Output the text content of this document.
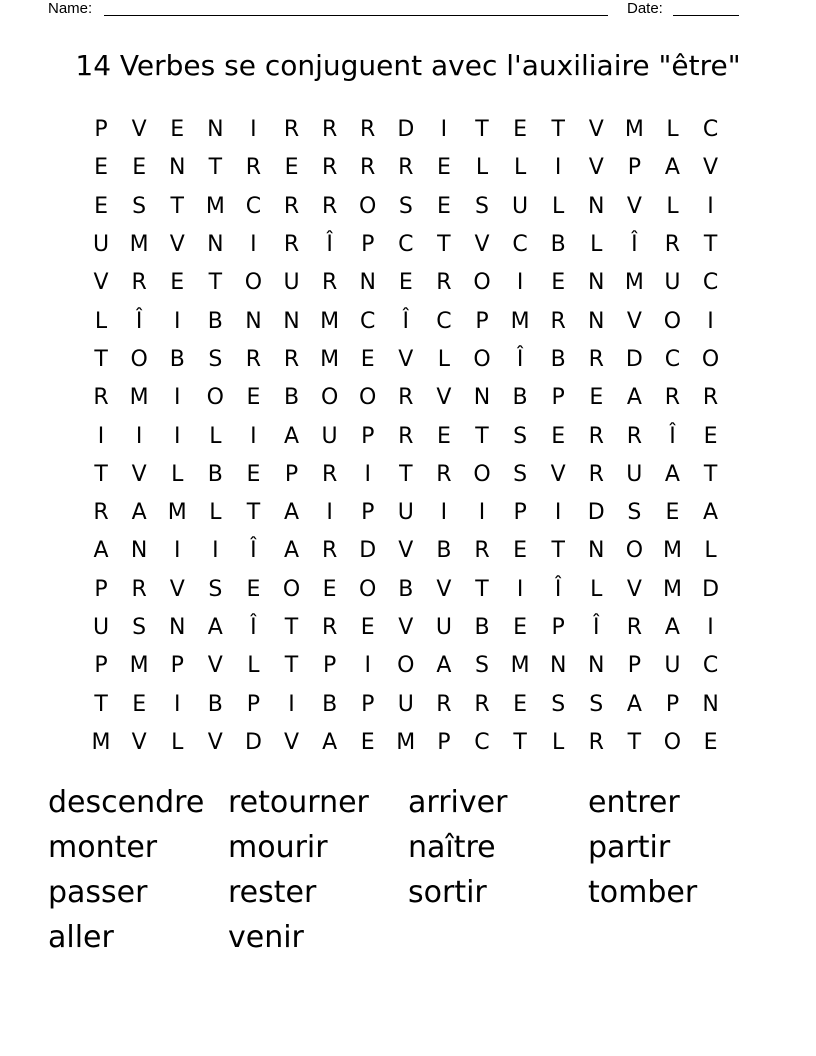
Name:	Date:
14 Verbes se conjuguent avec l'auxiliaire "être"
P	V	E	N	I	R	R	R D	I	T	E	T	V M	L	C
E	E	N	T	R	E	R	R	R	E	L	L	I	V	P	A	V
E	S	T M C	R	R O	S	E	S	U	L	N	V	L	I
U M V	N	I	R	Î	P	C	T	V	C	B	L	Î	R	T
V	R	E	T	O U	R	N	E	R O	I	E	N M U	C
L	Î	I	B	N N M C	Î	C	P M R	N	V O	I
T	O B	S	R	R M E	V	L	O	Î	B	R D C O
R M	I	O	E	B O O R	V	N	B	P	E	A	R	R
I	I	I	L	I	A	U	P	R	E	T	S	E	R	R	Î	E
T	V	L	B	E	P	R	I	T	R O	S	V	R	U	A	T
R	A M	L	T	A	I	P	U	I	I	P	I	D	S	E	A
A	N	I	I	Î	A	R D	V	B	R	E	T	N O M	L
P	R	V	S	E	O	E	O B	V	T	I	Î	L	V M D
U	S	N	A	Î	T	R	E	V	U	B	E	P	Î	R	A	I
P M P	V	L	T	P	I	O A	S M N N	P	U	C
T	E	I	B	P	I	B	P	U	R	R	E	S	S	A	P	N
M V	L	V	D	V	A	E M P	C	T	L	R	T	O	E
descendre retourner	arriver	entrer
monter	mourir	naître	partir
passer	rester	sortir	tomber
aller	venir
